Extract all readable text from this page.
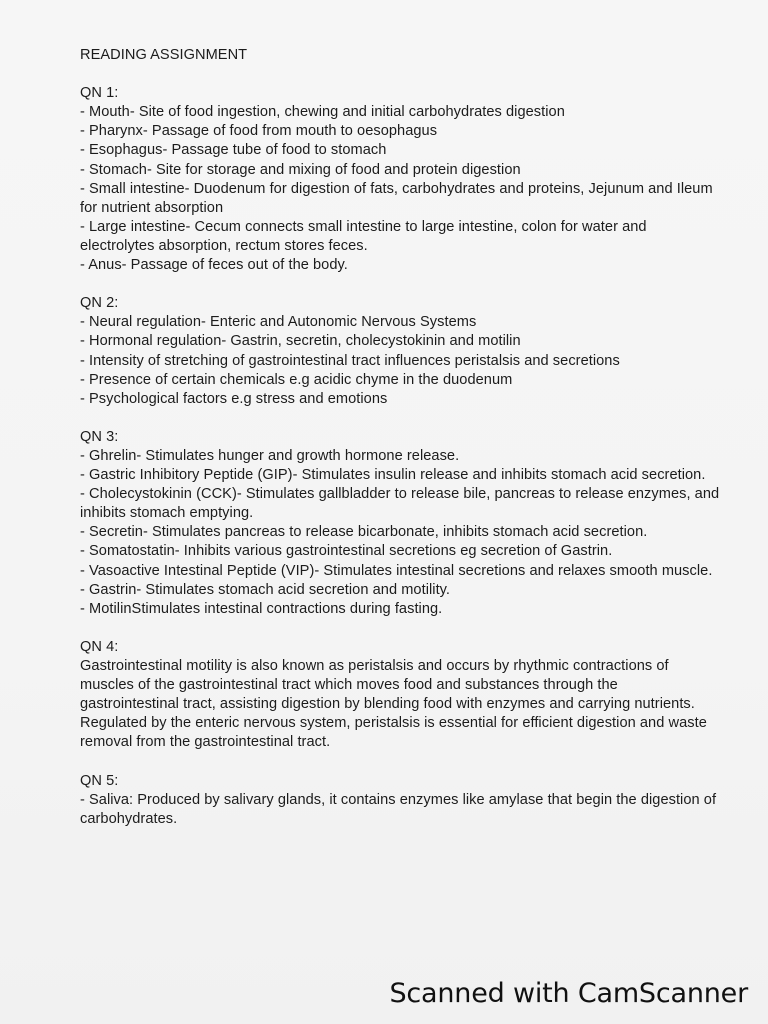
READING ASSIGNMENT
QN 1:
- Mouth- Site of food ingestion, chewing and initial carbohydrates digestion
- Pharynx- Passage of food from mouth to oesophagus
- Esophagus- Passage tube of food to stomach
- Stomach- Site for storage and mixing of food and protein digestion
- Small intestine- Duodenum for digestion of fats, carbohydrates and proteins, Jejunum and Ileum for nutrient absorption
- Large intestine- Cecum connects small intestine to large intestine, colon for water and electrolytes absorption, rectum stores feces.
- Anus- Passage of feces out of the body.
QN 2:
- Neural regulation- Enteric and Autonomic Nervous Systems
- Hormonal regulation- Gastrin, secretin, cholecystokinin and motilin
- Intensity of stretching of gastrointestinal tract influences peristalsis and secretions
- Presence of certain chemicals e.g acidic chyme in the duodenum
- Psychological factors e.g stress and emotions
QN 3:
- Ghrelin- Stimulates hunger and growth hormone release.
- Gastric Inhibitory Peptide (GIP)- Stimulates insulin release and inhibits stomach acid secretion.
- Cholecystokinin (CCK)- Stimulates gallbladder to release bile, pancreas to release enzymes, and inhibits stomach emptying.
- Secretin- Stimulates pancreas to release bicarbonate, inhibits stomach acid secretion.
- Somatostatin- Inhibits various gastrointestinal secretions eg secretion of Gastrin.
- Vasoactive Intestinal Peptide (VIP)- Stimulates intestinal secretions and relaxes smooth muscle.
- Gastrin- Stimulates stomach acid secretion and motility.
- MotilinStimulates intestinal contractions during fasting.
QN 4:
Gastrointestinal motility is also known as peristalsis and occurs by rhythmic contractions of muscles of the gastrointestinal tract which moves food and substances through the gastrointestinal tract, assisting digestion by blending food with enzymes and carrying nutrients. Regulated by the enteric nervous system, peristalsis is essential for efficient digestion and waste removal from the gastrointestinal tract.
QN 5:
- Saliva: Produced by salivary glands, it contains enzymes like amylase that begin the digestion of carbohydrates.
Scanned with CamScanner
